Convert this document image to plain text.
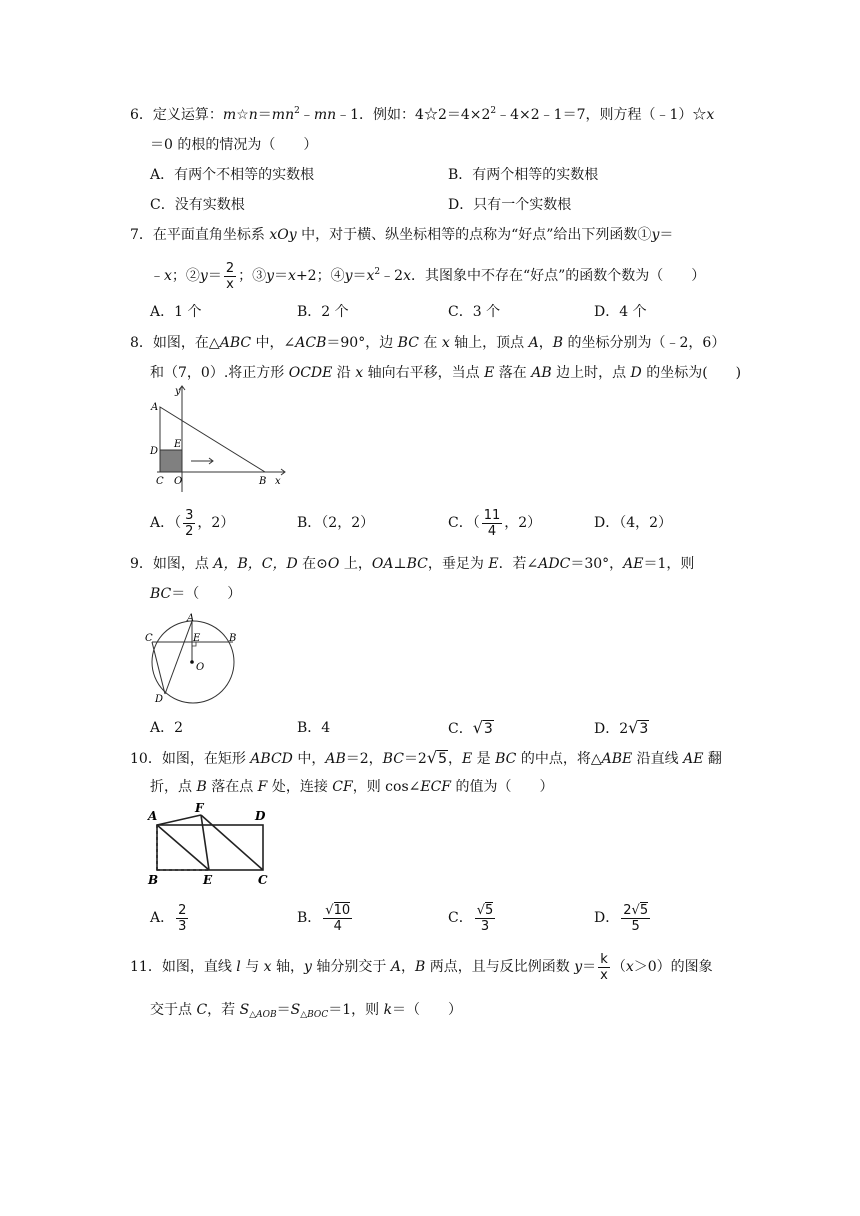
6．定义运算：$m☆n=mn^2﹣mn﹣1$．例如：$4☆2=4\times 2^2﹣4\times 2﹣1=7$，则方程（﹣1）☆x
＝0 的根的情况为（　　）
A．有两个不相等的实数根	B．有两个相等的实数根
C．没有实数根	D．只有一个实数根
7．在平面直角坐标系 xOy 中，对于横、纵坐标相等的点称为“好点”给出下列函数①y＝
﹣x；②y＝ $\frac{2}{x}$ ；③y＝x+2；$④y=x^2﹣2x$．其图象中不存在“好点”的函数个数为（　　）
A．1 个	B．2 个	C．3 个	D．4 个
8．如图，在△ABC 中，∠ACB＝90°，边 BC 在 x 轴上，顶点 A，B 的坐标分别为（﹣2，6）
和（7，0）.将正方形 OCDE 沿 x 轴向右平移，当点 E 落在 AB 边上时，点 D 的坐标为(　　)
A
y
E
D
C O	B x
A．（ $\frac{3}{2}$ ，2）	B．（2，2）	C．（ $\frac{11}{4}$ ，2）	D．（4，2）
9．如图，点 A，B，C，D 在⊙O 上，OA⊥BC，垂足为 E．若∠ADC＝30°，AE＝1，则
BC＝（　　）
A
C	E	B
O
D
A．2	B．4	C．√3	D．2√3
10．如图，在矩形 ABCD 中，AB＝2，BC＝2√5，E 是 BC 的中点，将△ABE 沿直线 AE 翻
折，点 B 落在点 F 处，连接 CF，则 cos∠ECF 的值为（　　）
A
F
D
B	E	C
A． $\frac{2}{3}$	B． $\frac{√10}{4}$	C． $\frac{√5}{3}$	D． $\frac{2√5}{5}$
11．如图，直线 l 与 x 轴，y 轴分别交于 A，B 两点，且与反比例函数 $y= \frac{k}{x} (x>0)$的图象
交于点 C，若 $S_{\triangle AOB}=S_{\triangle BOC}=1$，则 k＝（　　）
